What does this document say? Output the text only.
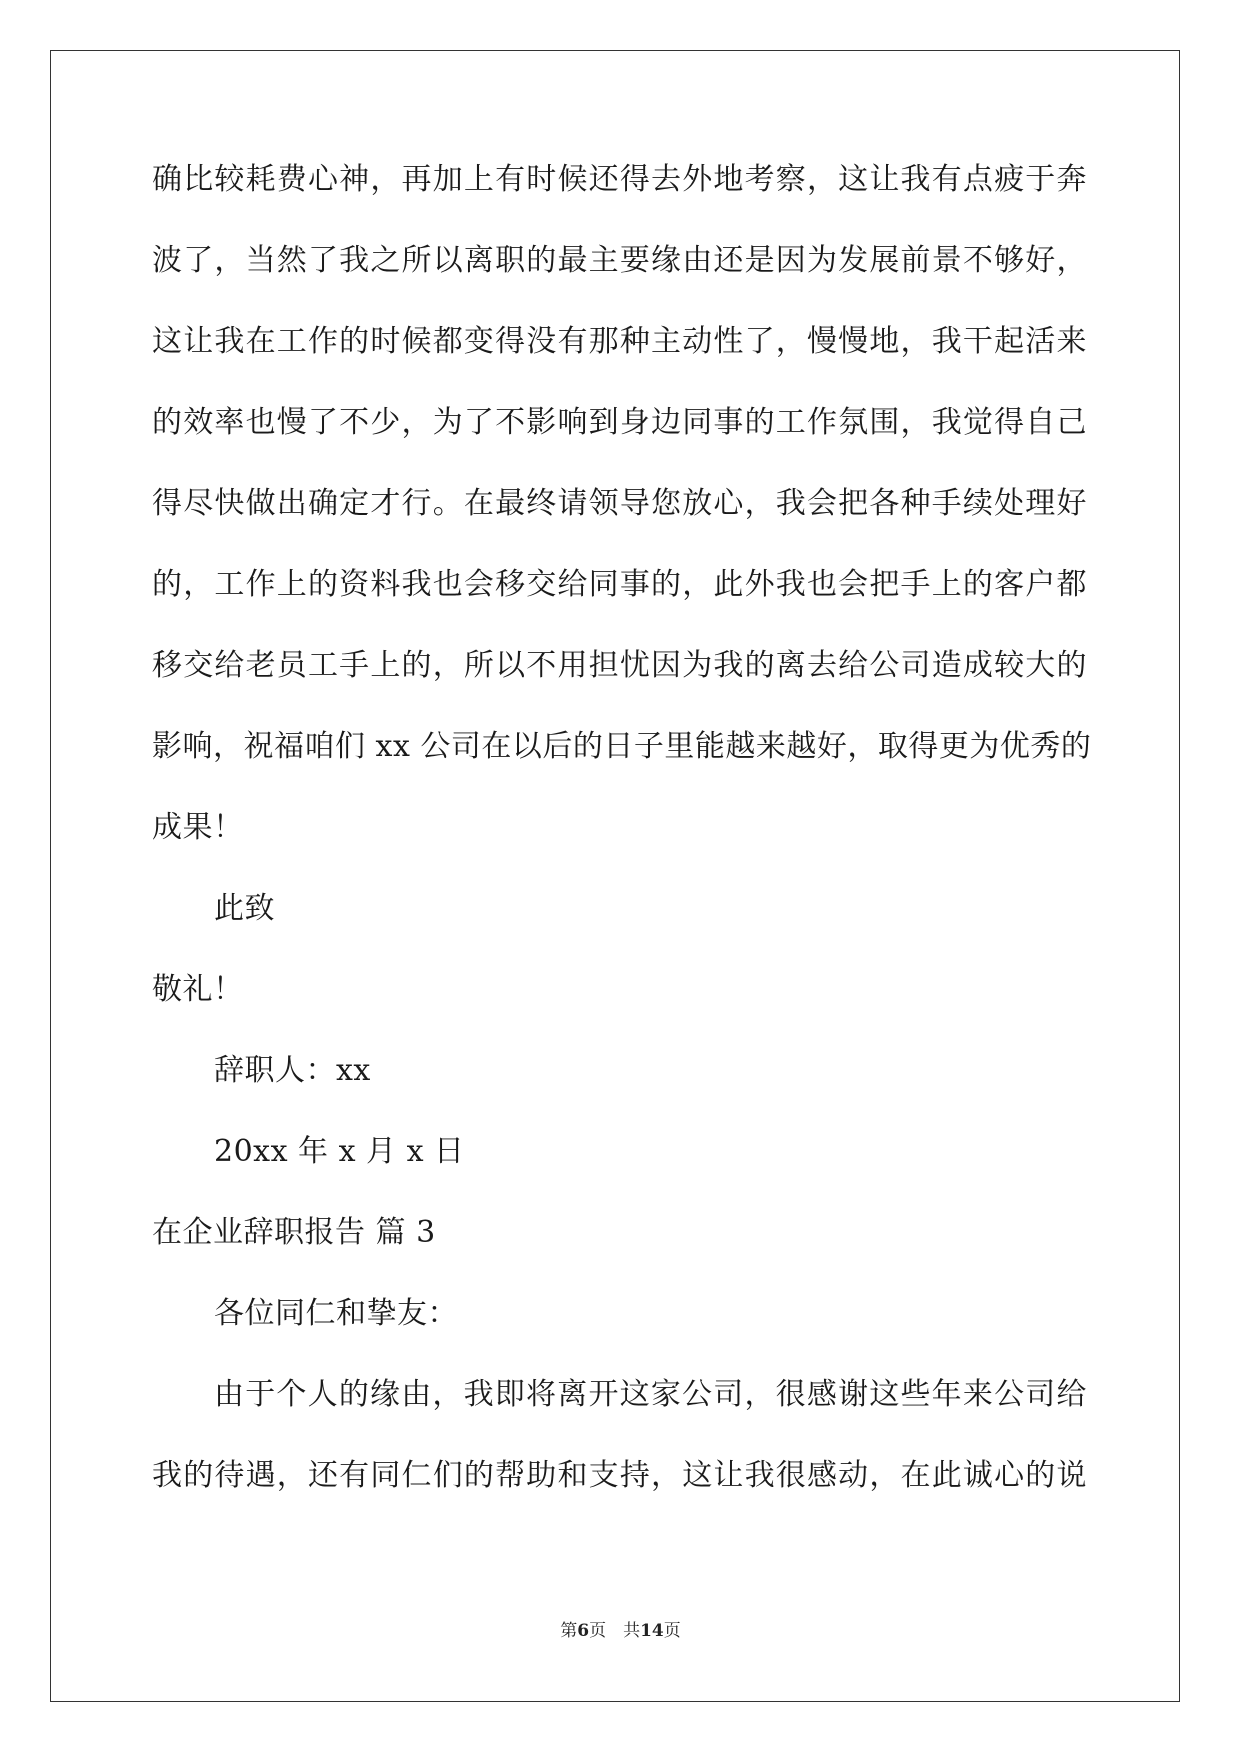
确比较耗费心神，再加上有时候还得去外地考察，这让我有点疲于奔
波了，当然了我之所以离职的最主要缘由还是因为发展前景不够好，
这让我在工作的时候都变得没有那种主动性了，慢慢地，我干起活来
的效率也慢了不少，为了不影响到身边同事的工作氛围，我觉得自己
得尽快做出确定才行。在最终请领导您放心，我会把各种手续处理好
的，工作上的资料我也会移交给同事的，此外我也会把手上的客户都
移交给老员工手上的，所以不用担忧因为我的离去给公司造成较大的
影响，祝福咱们 xx 公司在以后的日子里能越来越好，取得更为优秀的
成果！
此致
敬礼！
辞职人：xx
20xx 年 x 月 x 日
在企业辞职报告 篇 3
各位同仁和挚友：
由于个人的缘由，我即将离开这家公司，很感谢这些年来公司给
我的待遇，还有同仁们的帮助和支持，这让我很感动，在此诚心的说
第6页　共14页
